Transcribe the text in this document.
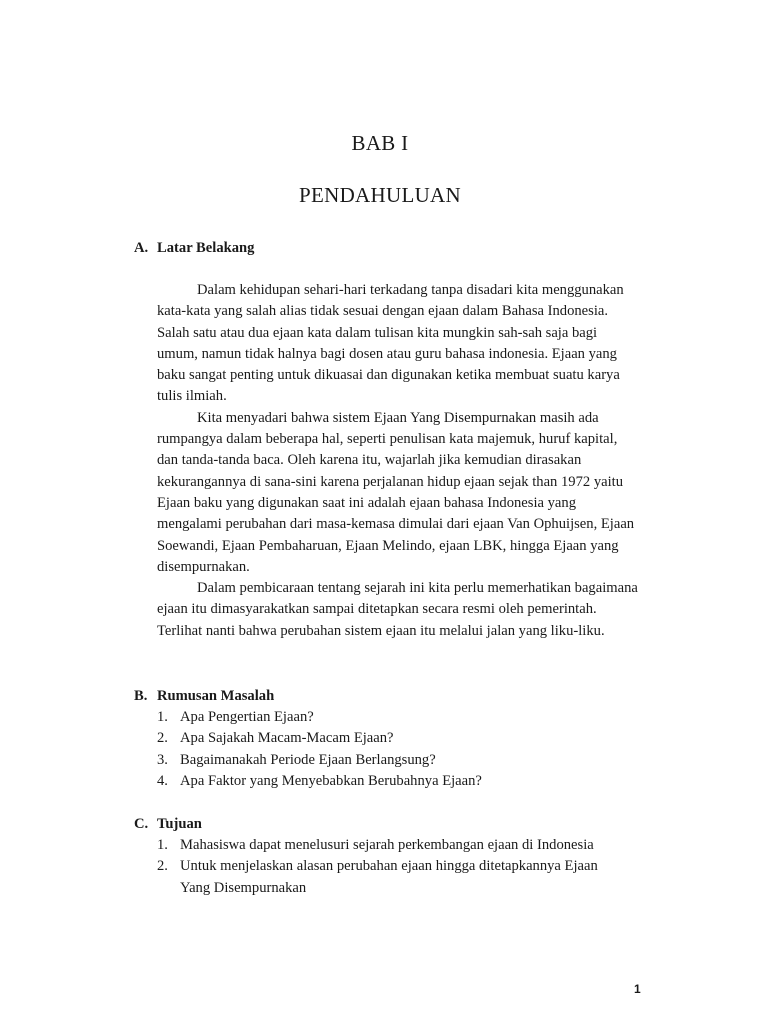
BAB I
PENDAHULUAN
A. Latar Belakang

Dalam kehidupan sehari-hari terkadang tanpa disadari kita menggunakan kata-kata yang salah alias tidak sesuai dengan ejaan dalam Bahasa Indonesia. Salah satu atau dua ejaan kata dalam tulisan kita mungkin sah-sah saja bagi umum, namun tidak halnya bagi dosen atau guru bahasa indonesia. Ejaan yang baku sangat penting untuk dikuasai dan digunakan ketika membuat suatu karya tulis ilmiah.

Kita menyadari bahwa sistem Ejaan Yang Disempurnakan masih ada rumpangya dalam beberapa hal, seperti penulisan kata majemuk, huruf kapital, dan tanda-tanda baca. Oleh karena itu, wajarlah jika kemudian dirasakan kekurangannya di sana-sini karena perjalanan hidup ejaan sejak than 1972 yaitu Ejaan baku yang digunakan saat ini adalah ejaan bahasa Indonesia yang mengalami perubahan dari masa-kemasa dimulai dari ejaan Van Ophuijsen, Ejaan Soewandi, Ejaan Pembaharuan, Ejaan Melindo, ejaan LBK, hingga Ejaan yang disempurnakan.

Dalam pembicaraan tentang sejarah ini kita perlu memerhatikan bagaimana ejaan itu dimasyarakatkan sampai ditetapkan secara resmi oleh pemerintah. Terlihat nanti bahwa perubahan sistem ejaan itu melalui jalan yang liku-liku.

B. Rumusan Masalah
1. Apa Pengertian Ejaan?
2. Apa Sajakah Macam-Macam Ejaan?
3. Bagaimanakah Periode Ejaan Berlangsung?
4. Apa Faktor yang Menyebabkan Berubahnya Ejaan?
C. Tujuan
1. Mahasiswa dapat menelusuri sejarah perkembangan ejaan di Indonesia
2. Untuk menjelaskan alasan perubahan ejaan hingga ditetapkannya Ejaan Yang Disempurnakan
1
